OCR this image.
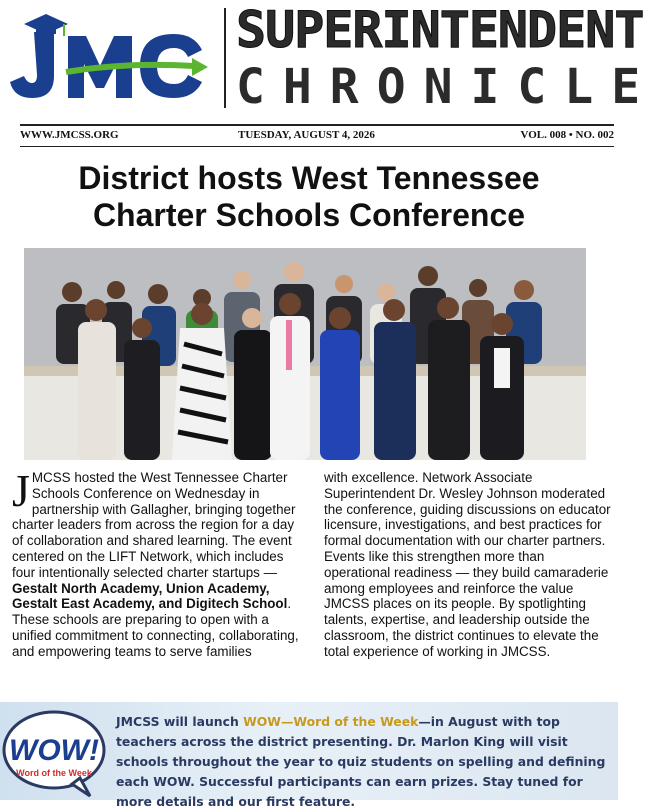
SUPERINTENDENT
CHRONICLE
WWW.JMCSS.ORG	TUESDAY, AUGUST 4, 2026	VOL. 008 • NO. 002
District hosts West Tennessee
Charter Schools Conference
JMCSS hosted the West Tennessee Charter Schools Conference on Wednesday in partnership with Gallagher, bringing together charter leaders from across the region for a day of collaboration and shared learning. The event centered on the LIFT Network, which includes four intentionally selected charter startups — Gestalt North Academy, Union Academy, Gestalt East Academy, and Digitech School. These schools are preparing to open with a unified commitment to connecting, collaborating, and empowering teams to serve families
with excellence. Network Associate Superintendent Dr. Wesley Johnson moderated the conference, guiding discussions on educator licensure, investigations, and best practices for formal documentation with our charter partners. Events like this strengthen more than operational readiness — they build camaraderie among employees and reinforce the value JMCSS places on its people. By spotlighting talents, expertise, and leadership outside the classroom, the district continues to elevate the total experience of working in JMCSS.
WOW!
Word of the Week
JMCSS will launch WOW—Word of the Week—in August with top teachers across the district presenting. Dr. Marlon King will visit schools throughout the year to quiz students on spelling and defining each WOW. Successful participants can earn prizes. Stay tuned for more details and our first feature.
